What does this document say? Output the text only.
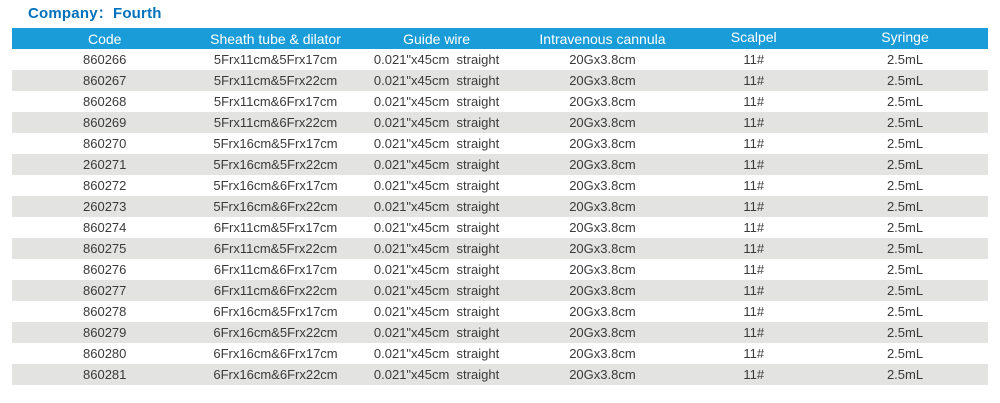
Company：Fourth
Code	Sheath tube & dilator	Guide wire	Intravenous cannula	Scalpel	Syringe
860266	5Frx11cm&5Frx17cm	0.021"x45cm  straight	20Gx3.8cm	11#	2.5mL
860267	5Frx11cm&5Frx22cm	0.021"x45cm  straight	20Gx3.8cm	11#	2.5mL
860268	5Frx11cm&6Frx17cm	0.021"x45cm  straight	20Gx3.8cm	11#	2.5mL
860269	5Frx11cm&6Frx22cm	0.021"x45cm  straight	20Gx3.8cm	11#	2.5mL
860270	5Frx16cm&5Frx17cm	0.021"x45cm  straight	20Gx3.8cm	11#	2.5mL
260271	5Frx16cm&5Frx22cm	0.021"x45cm  straight	20Gx3.8cm	11#	2.5mL
860272	5Frx16cm&6Frx17cm	0.021"x45cm  straight	20Gx3.8cm	11#	2.5mL
260273	5Frx16cm&6Frx22cm	0.021"x45cm  straight	20Gx3.8cm	11#	2.5mL
860274	6Frx11cm&5Frx17cm	0.021"x45cm  straight	20Gx3.8cm	11#	2.5mL
860275	6Frx11cm&5Frx22cm	0.021"x45cm  straight	20Gx3.8cm	11#	2.5mL
860276	6Frx11cm&6Frx17cm	0.021"x45cm  straight	20Gx3.8cm	11#	2.5mL
860277	6Frx11cm&6Frx22cm	0.021"x45cm  straight	20Gx3.8cm	11#	2.5mL
860278	6Frx16cm&5Frx17cm	0.021"x45cm  straight	20Gx3.8cm	11#	2.5mL
860279	6Frx16cm&5Frx22cm	0.021"x45cm  straight	20Gx3.8cm	11#	2.5mL
860280	6Frx16cm&6Frx17cm	0.021"x45cm  straight	20Gx3.8cm	11#	2.5mL
860281	6Frx16cm&6Frx22cm	0.021"x45cm  straight	20Gx3.8cm	11#	2.5mL
